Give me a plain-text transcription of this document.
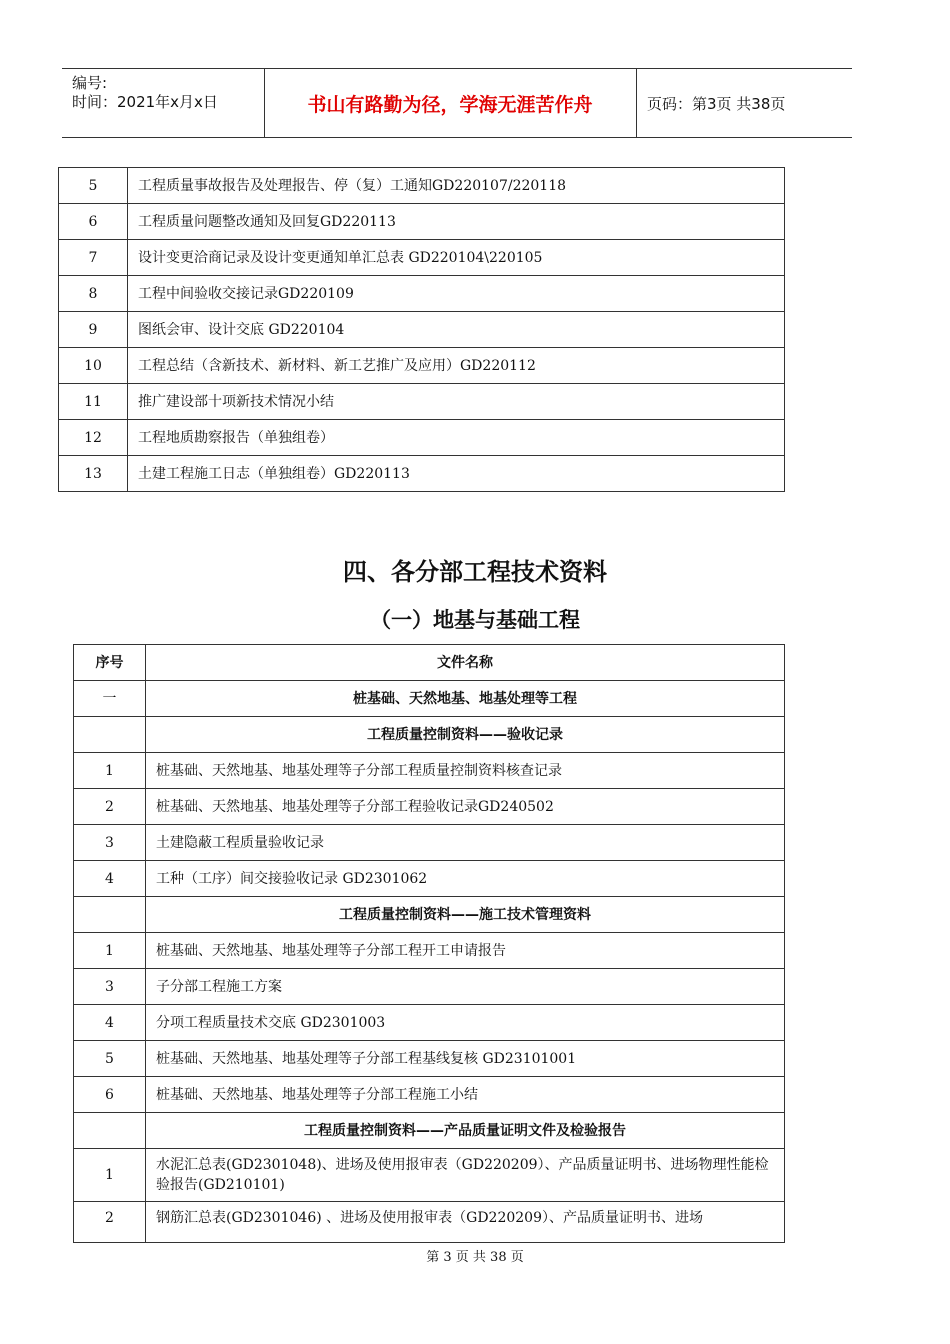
编号:
时间：2021年x月x日	书山有路勤为径，学海无涯苦作舟	页码：第3页 共38页
5	工程质量事故报告及处理报告、停（复）工通知GD220107/220118
6	工程质量问题整改通知及回复GD220113
7	设计变更洽商记录及设计变更通知单汇总表 GD220104\220105
8	工程中间验收交接记录GD220109
9	图纸会审、设计交底 GD220104
10	工程总结（含新技术、新材料、新工艺推广及应用）GD220112
11	推广建设部十项新技术情况小结
12	工程地质勘察报告（单独组卷）
13	土建工程施工日志（单独组卷）GD220113
四、各分部工程技术资料
（一）地基与基础工程
序号	文件名称
一	桩基础、天然地基、地基处理等工程
	工程质量控制资料——验收记录
1	桩基础、天然地基、地基处理等子分部工程质量控制资料核查记录
2	桩基础、天然地基、地基处理等子分部工程验收记录GD240502
3	土建隐蔽工程质量验收记录
4	工种（工序）间交接验收记录 GD2301062
	工程质量控制资料——施工技术管理资料
1	桩基础、天然地基、地基处理等子分部工程开工申请报告
3	子分部工程施工方案
4	分项工程质量技术交底 GD2301003
5	桩基础、天然地基、地基处理等子分部工程基线复核 GD23101001
6	桩基础、天然地基、地基处理等子分部工程施工小结
	工程质量控制资料——产品质量证明文件及检验报告
1	水泥汇总表(GD2301048)、进场及使用报审表（GD220209）、产品质量证明书、进场物理性能检验报告(GD210101)
2	钢筋汇总表(GD2301046) 、进场及使用报审表（GD220209）、产品质量证明书、进场
第 3 页 共 38 页
